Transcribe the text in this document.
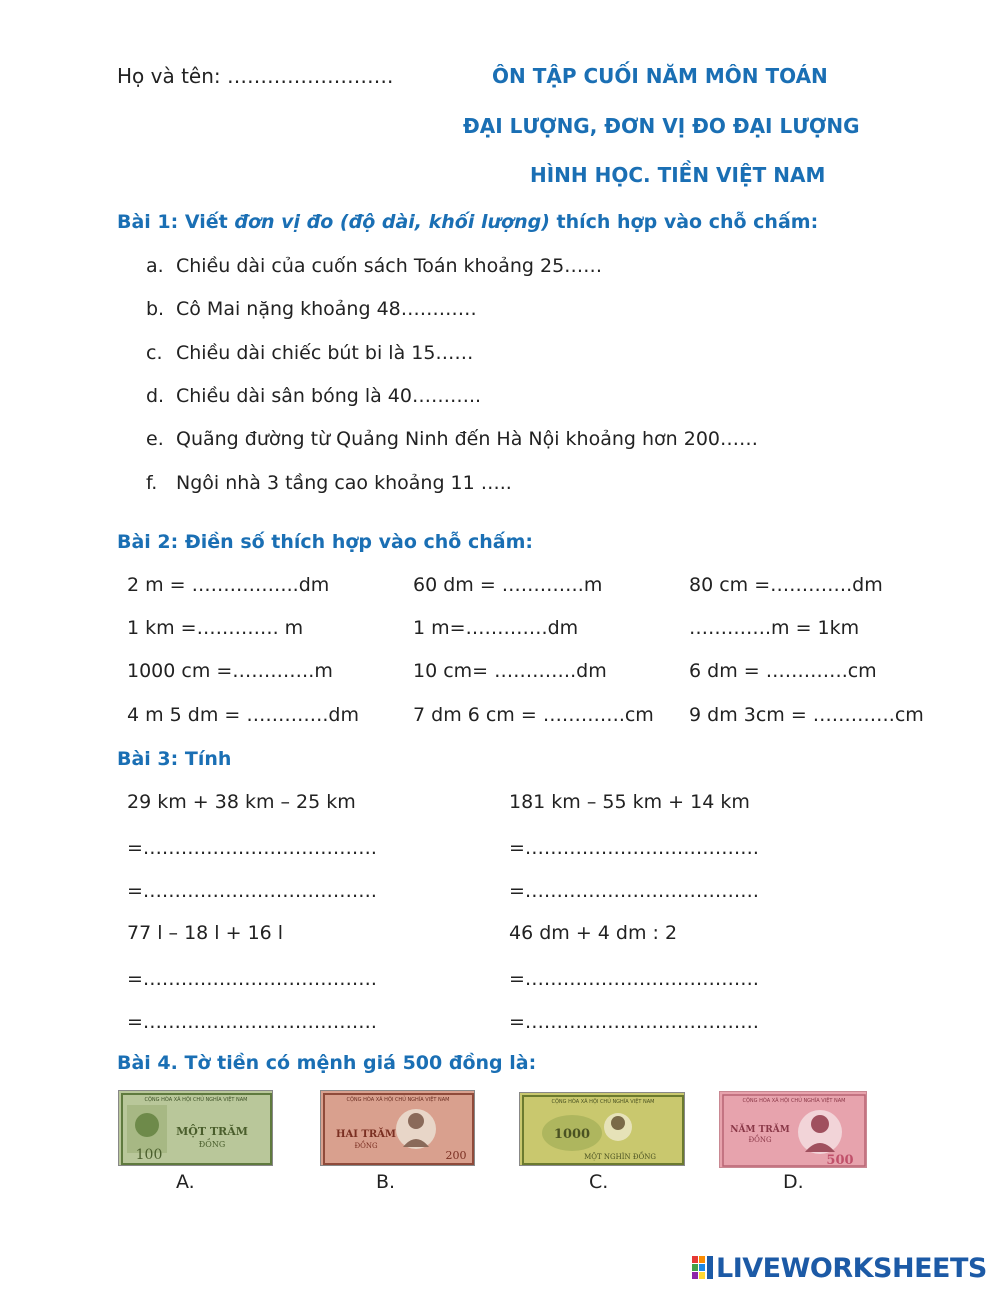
Họ và tên: …………………….	ÔN TẬP CUỐI NĂM MÔN TOÁN
ĐẠI LƯỢNG, ĐƠN VỊ ĐO ĐẠI LƯỢNG
HÌNH HỌC. TIỀN VIỆT NAM
Bài 1: Viết đơn vị đo (độ dài, khối lượng) thích hợp vào chỗ chấm:
a. Chiều dài của cuốn sách Toán khoảng 25……
b. Cô Mai nặng khoảng 48…………
c. Chiều dài chiếc bút bi là 15……
d. Chiều dài sân bóng là 40………..
e. Quãng đường từ Quảng Ninh đến Hà Nội khoảng hơn 200……
f. Ngôi nhà 3 tầng cao khoảng 11 …..
Bài 2: Điền số thích hợp vào chỗ chấm:
2 m = ……………..dm	60 dm = ………….m	80 cm =………….dm
1 km =…………. m	1 m=………….dm	………….m = 1km
1000 cm =………….m	10 cm= ………….dm	6 dm = ………….cm
4 m 5 dm = ………….dm	7 dm 6 cm = ………….cm 9 dm 3cm = ………….cm
Bài 3: Tính
29 km + 38 km – 25 km
=……………………………….
=……………………………….
77 l – 18 l + 16 l
=……………………………….
=……………………………….
181 km – 55 km + 14 km
=……………………………….
=……………………………….
46 dm + 4 dm : 2
=……………………………….
=……………………………….
Bài 4. Tờ tiền có mệnh giá 500 đồng là:
CỘNG HÒA XÃ HỘI CHỦ NGHĨA VIỆT NAM
MỘT TRĂM
ĐỒNG
100
A.
CỘNG HÒA XÃ HỘI CHỦ NGHĨA VIỆT NAM
HAI TRĂM
ĐỒNG
200
B.
CỘNG HÒA XÃ HỘI CHỦ NGHĨA VIỆT NAM
1000
MỘT NGHÌN ĐỒNG
C.
CỘNG HÒA XÃ HỘI CHỦ NGHĨA VIỆT NAM
NĂM TRĂM
ĐỒNG
500
D.
LIVEWORKSHEETS
